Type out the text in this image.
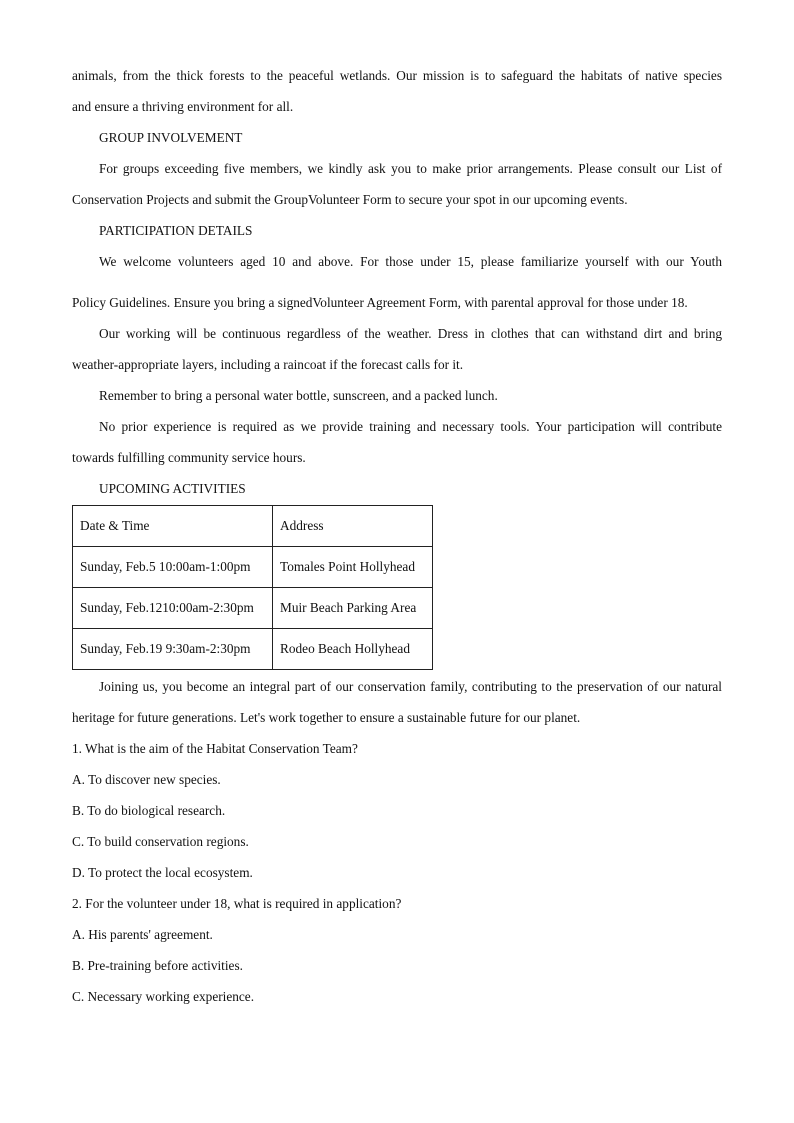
animals, from the thick forests to the peaceful wetlands. Our mission is to safeguard the habitats of native species

and ensure a thriving environment for all.

GROUP INVOLVEMENT

For groups exceeding five members, we kindly ask you to make prior arrangements. Please consult our List of

Conservation Projects and submit the GroupVolunteer Form to secure your spot in our upcoming events.

PARTICIPATION DETAILS

We welcome volunteers aged 10 and above. For those under 15, please familiarize yourself with our Youth

Policy Guidelines. Ensure you bring a signedVolunteer Agreement Form, with parental approval for those under 18.

Our working will be continuous regardless of the weather. Dress in clothes that can withstand dirt and bring

weather-appropriate layers, including a raincoat if the forecast calls for it.

Remember to bring a personal water bottle, sunscreen, and a packed lunch.

No prior experience is required as we provide training and necessary tools. Your participation will contribute

towards fulfilling community service hours.

UPCOMING ACTIVITIES

Date & Time	Address
Sunday, Feb.5 10:00am-1:00pm	Tomales Point Hollyhead
Sunday, Feb.1210:00am-2:30pm	Muir Beach Parking Area
Sunday, Feb.19 9:30am-2:30pm	Rodeo Beach Hollyhead

Joining us, you become an integral part of our conservation family, contributing to the preservation of our natural

heritage for future generations. Let's work together to ensure a sustainable future for our planet.

1. What is the aim of the Habitat Conservation Team?

A. To discover new species.

B. To do biological research.

C. To build conservation regions.

D. To protect the local ecosystem.

2. For the volunteer under 18, what is required in application?

A. His parents' agreement.

B. Pre-training before activities.

C. Necessary working experience.
